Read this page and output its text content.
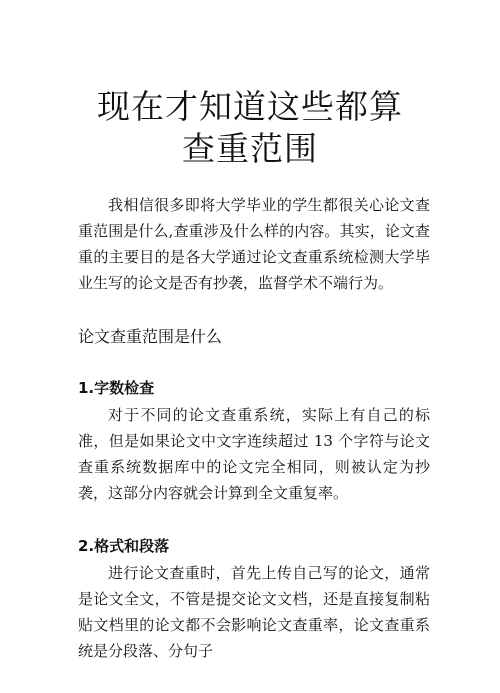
现在才知道这些都算
查重范围

我相信很多即将大学毕业的学生都很关心论文查重范围是什么,查重涉及什么样的内容。其实，论文查重的主要目的是各大学通过论文查重系统检测大学毕业生写的论文是否有抄袭，监督学术不端行为。

论文查重范围是什么
1.字数检查

对于不同的论文查重系统，实际上有自己的标准，但是如果论文中文字连续超过 13 个字符与论文查重系统数据库中的论文完全相同，则被认定为抄袭，这部分内容就会计算到全文重复率。

2.格式和段落

进行论文查重时，首先上传自己写的论文，通常是论文全文，不管是提交论文文档，还是直接复制粘贴文档里的论文都不会影响论文查重率，论文查重系统是分段落、分句子
